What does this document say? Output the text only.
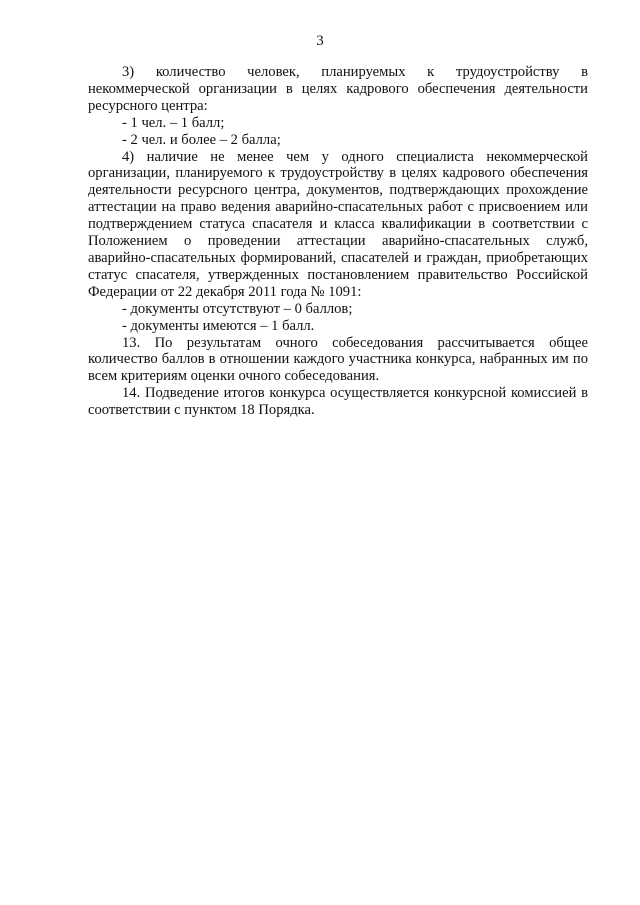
3

3) количество человек, планируемых к трудоустройству в

некоммерческой организации в целях кадрового обеспечения деятельности ресурсного центра:

- 1 чел. – 1 балл;

- 2 чел. и более – 2 балла;

4) наличие не менее чем у одного специалиста некоммерческой организации, планируемого к трудоустройству в целях кадрового обеспечения деятельности ресурсного центра, документов, подтверждающих прохождение аттестации на право ведения аварийно-спасательных работ с присвоением или подтверждением статуса спасателя и класса квалификации в соответствии с Положением о проведении аттестации аварийно-спасательных служб, аварийно-спасательных формирований, спасателей и граждан, приобретающих статус спасателя, утвержденных постановлением правительство Российской Федерации от 22 декабря 2011 года № 1091:

- документы отсутствуют – 0 баллов;

- документы имеются – 1 балл.

13. По результатам очного собеседования рассчитывается общее количество баллов в отношении каждого участника конкурса, набранных им по всем критериям оценки очного собеседования.

14. Подведение итогов конкурса осуществляется конкурсной комиссией в соответствии с пунктом 18 Порядка.
